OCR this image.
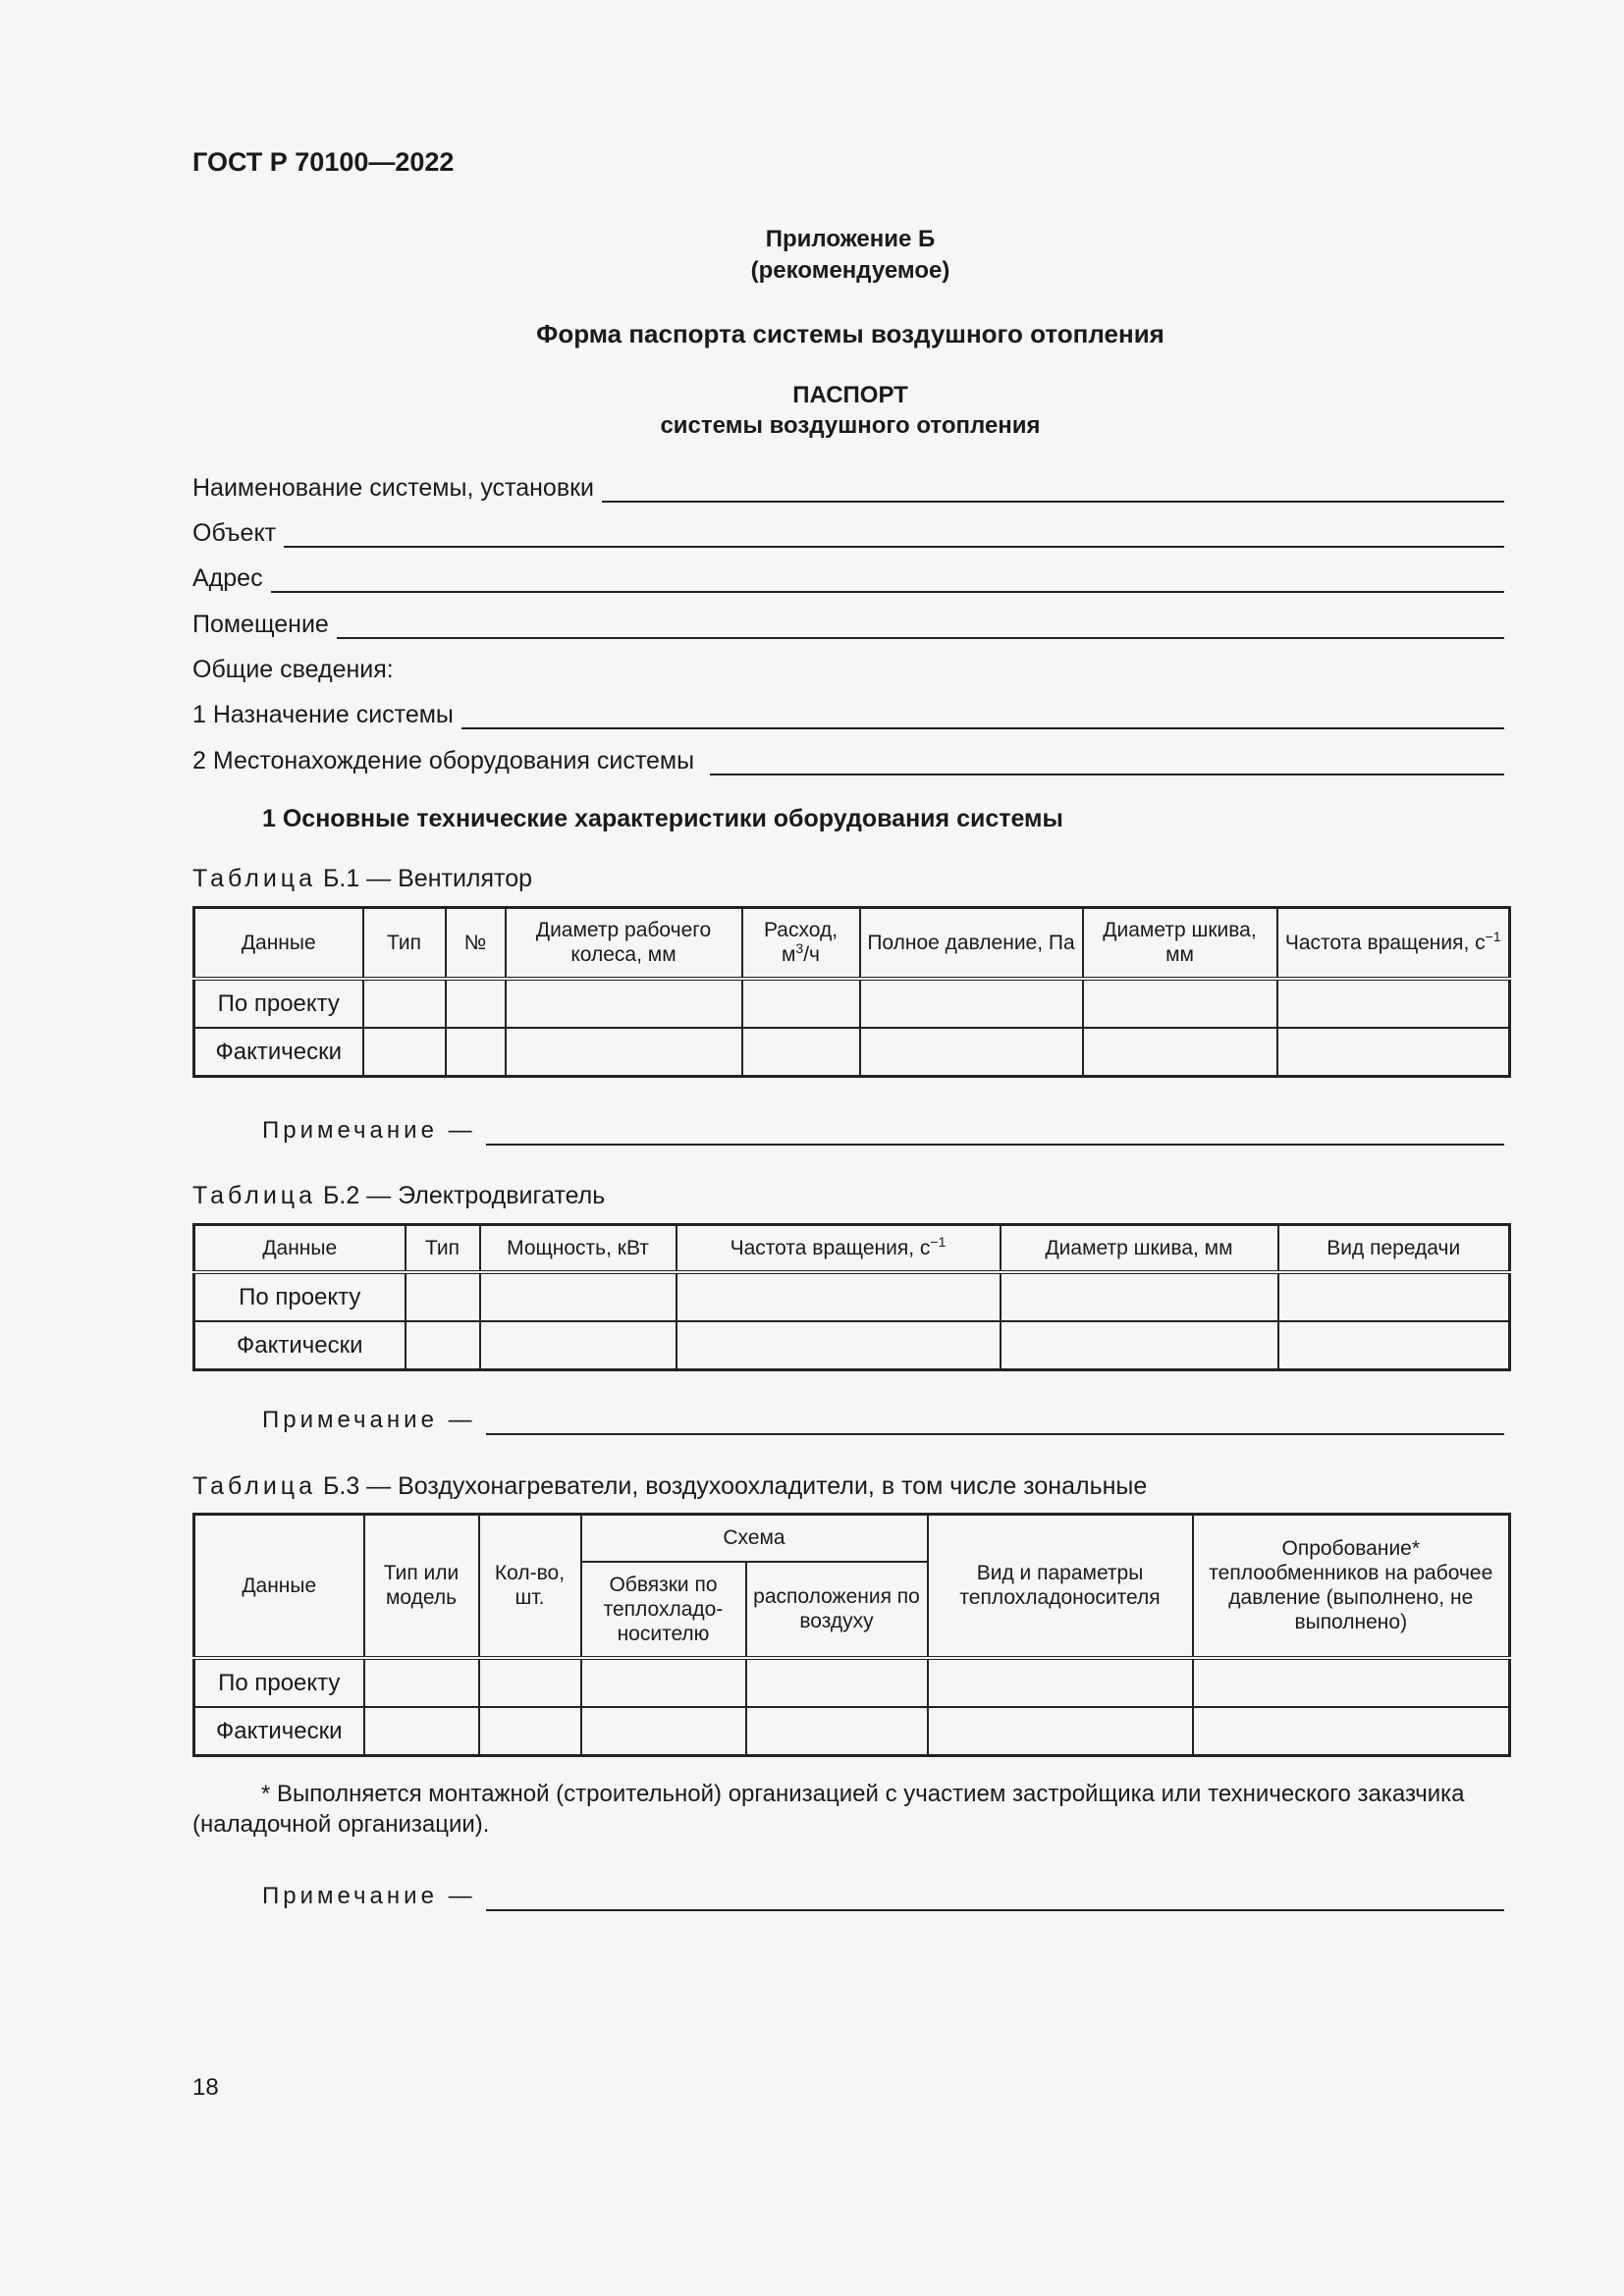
ГОСТ Р 70100—2022
Приложение Б
(рекомендуемое)
Форма паспорта системы воздушного отопления
ПАСПОРТ
системы воздушного отопления
Наименование системы, установки
Объект
Адрес
Помещение
Общие сведения:
1 Назначение системы
2 Местонахождение оборудования системы
1 Основные технические характеристики оборудования системы
Таблица Б.1 — Вентилятор
Данные	Тип	№	Диаметр рабочего колеса, мм	Расход, $м^3/ч$	Полное давление, Па	Диаметр шкива, мм	Частота вращения, $с^{-1}$
По проекту							
Фактически							
Примечание —
Таблица Б.2 — Электродвигатель
Данные	Тип	Мощность, кВт	Частота вращения, $с^{-1}$	Диаметр шкива, мм	Вид передачи
По проекту					
Фактически					
Примечание —
Таблица Б.3 — Воздухонагреватели, воздухоохладители, в том числе зональные
Данные	Тип или модель	Кол-во, шт.	Схема		Вид и параметры теплохладоносителя	Опробование* теплообменников на рабочее давление (выполнено, не выполнено)
			Обвязки по теплохладоносителю	расположения по воздуху		
По проекту						
Фактически						
* Выполняется монтажной (строительной) организацией с участием застройщика или технического заказчика (наладочной организации).
Примечание —
18
